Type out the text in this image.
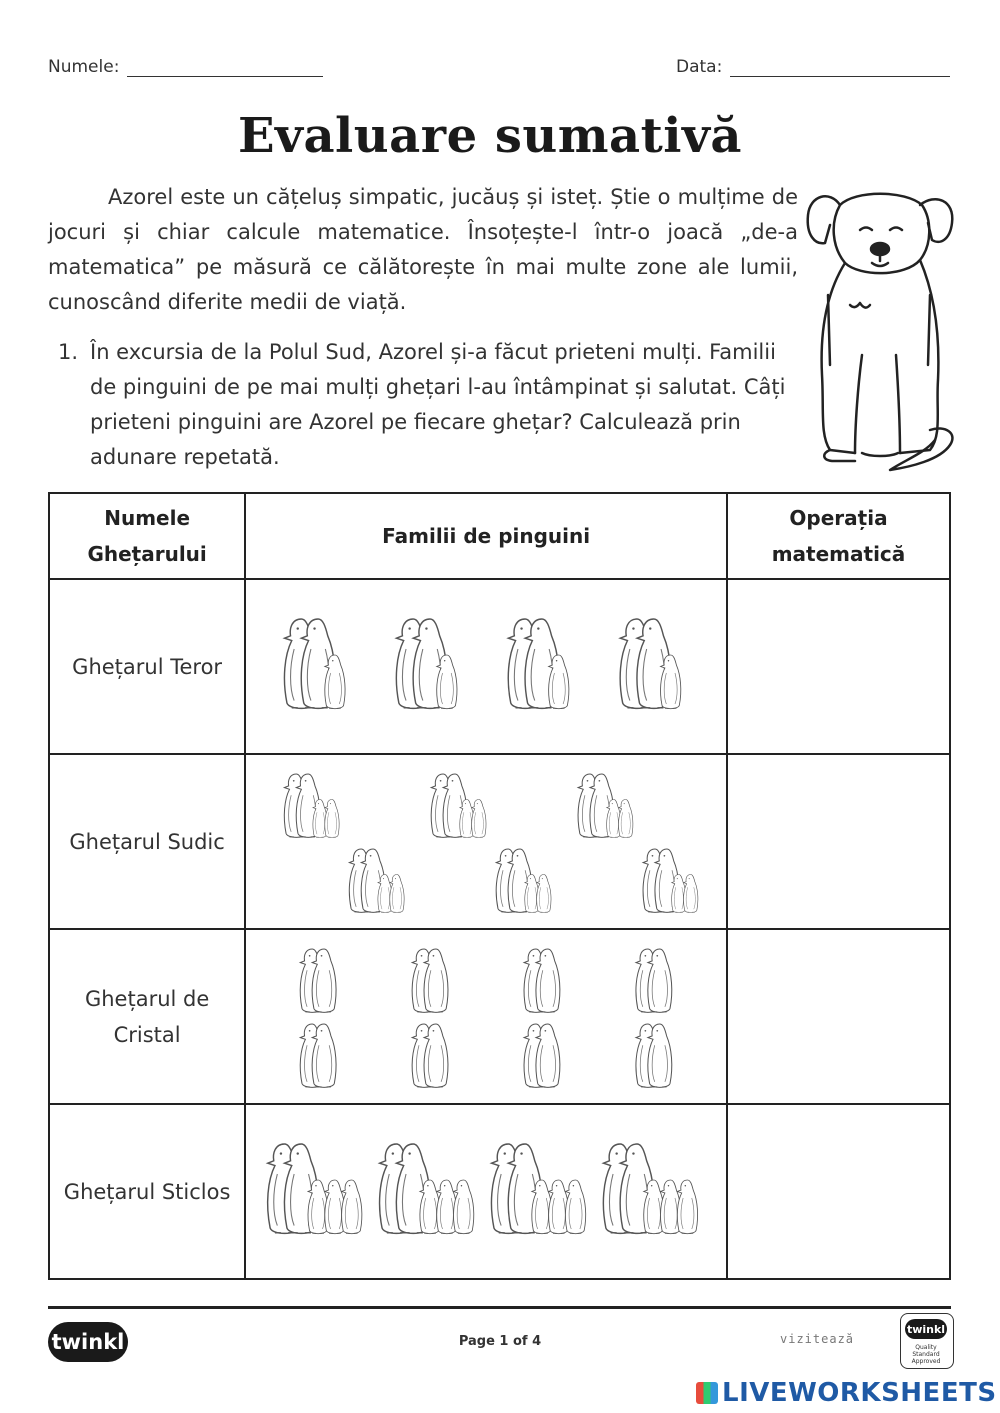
Numele:	Data:
Evaluare sumativă
Azorel este un cățeluș simpatic, jucăuș și isteț. Știe o mulțime de jocuri și chiar calcule matematice. Însoțește-l într-o joacă „de-a matematica” pe măsură ce călătorește în mai multe zone ale lumii, cunoscând diferite medii de viață.
1. În excursia de la Polul Sud, Azorel și-a făcut prieteni mulți. Familii de pinguini de pe mai mulți ghețari l-au întâmpinat și salutat. Câți prieteni pinguini are Azorel pe fiecare ghețar? Calculează prin adunare repetată.
Numele Ghețarului	Familii de pinguini	Operația matematică
Ghețarul Teror	

Ghețarul Sudic	

Ghețarul de Cristal	

Ghețarul Sticlos	

twinkl	Page 1 of 4	vizitează
twinkl
Quality Standard Approved
LIVEWORKSHEETS
